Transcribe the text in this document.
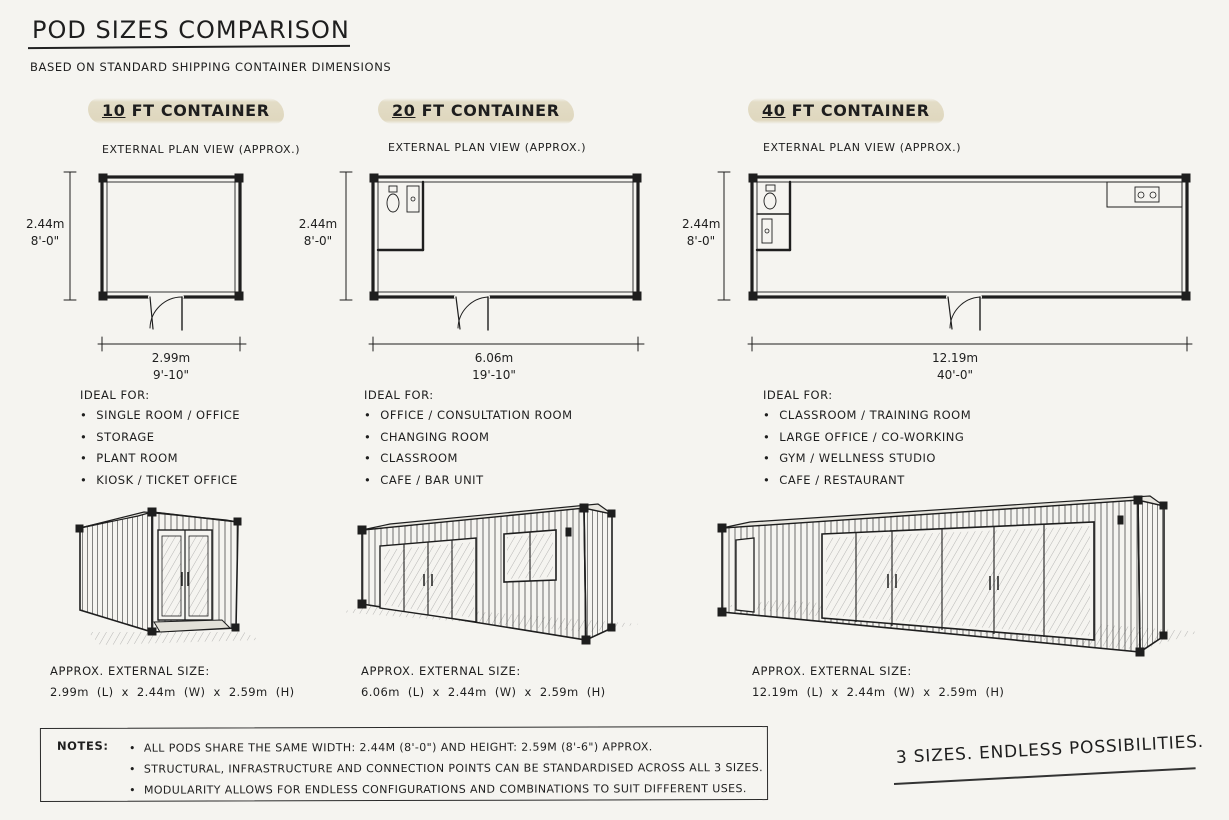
POD SIZES COMPARISON
BASED ON STANDARD SHIPPING CONTAINER DIMENSIONS
10 FT CONTAINER	20 FT CONTAINER	40 FT CONTAINER
EXTERNAL PLAN VIEW (APPROX.)	EXTERNAL PLAN VIEW (APPROX.)	EXTERNAL PLAN VIEW (APPROX.)
2.44m
8'-0"
2.44m
8'-0"
2.44m
8'-0"
2.99m
9'-10"
6.06m
19'-10"
12.19m
40'-0"
IDEAL FOR:
• SINGLE ROOM / OFFICE
• STORAGE
• PLANT ROOM
• KIOSK / TICKET OFFICE
IDEAL FOR:
• OFFICE / CONSULTATION ROOM
• CHANGING ROOM
• CLASSROOM
• CAFE / BAR UNIT
IDEAL FOR:
• CLASSROOM / TRAINING ROOM
• LARGE OFFICE / CO-WORKING
• GYM / WELLNESS STUDIO
• CAFE / RESTAURANT
APPROX. EXTERNAL SIZE:
2.99m  (L)  x  2.44m  (W)  x  2.59m  (H)
APPROX. EXTERNAL SIZE:
6.06m  (L)  x  2.44m  (W)  x  2.59m  (H)
APPROX. EXTERNAL SIZE:
12.19m  (L)  x  2.44m  (W)  x  2.59m  (H)
NOTES:
•	ALL PODS SHARE THE SAME WIDTH: 2.44M (8'-0") AND HEIGHT: 2.59M (8'-6") APPROX.
• STRUCTURAL, INFRASTRUCTURE AND CONNECTION POINTS CAN BE STANDARDISED ACROSS ALL 3 SIZES.
• MODULARITY ALLOWS FOR ENDLESS CONFIGURATIONS AND COMBINATIONS TO SUIT DIFFERENT USES.
3 SIZES. ENDLESS POSSIBILITIES.
